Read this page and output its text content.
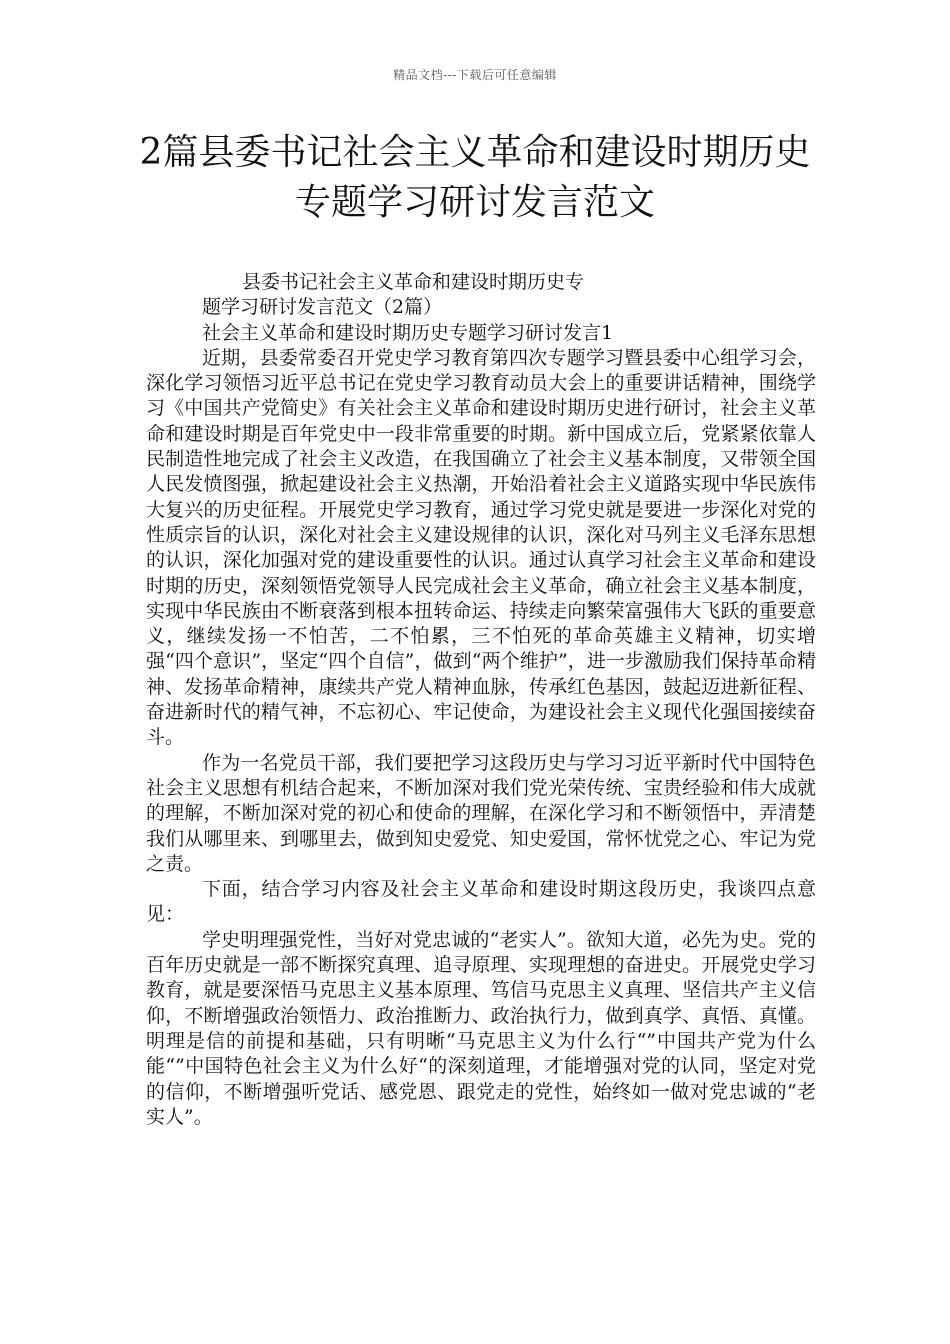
精品文档---下载后可任意编辑
2篇县委书记社会主义革命和建设时期历史
专题学习研讨发言范文

县委书记社会主义革命和建设时期历史专

题学习研讨发言范文（2篇）

社会主义革命和建设时期历史专题学习研讨发言1

近期，县委常委召开党史学习教育第四次专题学习暨县委中心组学习会，深化学习领悟习近平总书记在党史学习教育动员大会上的重要讲话精神，围绕学习《中国共产党简史》有关社会主义革命和建设时期历史进行研讨，社会主义革命和建设时期是百年党史中一段非常重要的时期。新中国成立后，党紧紧依靠人民制造性地完成了社会主义改造，在我国确立了社会主义基本制度，又带领全国人民发愤图强，掀起建设社会主义热潮，开始沿着社会主义道路实现中华民族伟大复兴的历史征程。开展党史学习教育，通过学习党史就是要进一步深化对党的性质宗旨的认识，深化对社会主义建设规律的认识，深化对马列主义毛泽东思想的认识，深化加强对党的建设重要性的认识。通过认真学习社会主义革命和建设时期的历史，深刻领悟党领导人民完成社会主义革命，确立社会主义基本制度，实现中华民族由不断衰落到根本扭转命运、持续走向繁荣富强伟大飞跃的重要意义，继续发扬一不怕苦，二不怕累，三不怕死的革命英雄主义精神，切实增强“四个意识”，坚定“四个自信”，做到“两个维护”，进一步激励我们保持革命精神、发扬革命精神，康续共产党人精神血脉，传承红色基因，鼓起迈进新征程、奋进新时代的精气神，不忘初心、牢记使命，为建设社会主义现代化强国接续奋斗。

作为一名党员干部，我们要把学习这段历史与学习习近平新时代中国特色社会主义思想有机结合起来，不断加深对我们党光荣传统、宝贵经验和伟大成就的理解，不断加深对党的初心和使命的理解，在深化学习和不断领悟中，弄清楚我们从哪里来、到哪里去，做到知史爱党、知史爱国，常怀忧党之心、牢记为党之责。

下面，结合学习内容及社会主义革命和建设时期这段历史，我谈四点意见：

学史明理强党性，当好对党忠诚的“老实人”。欲知大道，必先为史。党的百年历史就是一部不断探究真理、追寻原理、实现理想的奋进史。开展党史学习教育，就是要深悟马克思主义基本原理、笃信马克思主义真理、坚信共产主义信仰，不断增强政治领悟力、政治推断力、政治执行力，做到真学、真悟、真懂。明理是信的前提和基础，只有明晰“马克思主义为什么行“”中国共产党为什么能“”中国特色社会主义为什么好“的深刻道理，才能增强对党的认同，坚定对党的信仰，不断增强听党话、感党恩、跟党走的党性，始终如一做对党忠诚的“老实人”。
